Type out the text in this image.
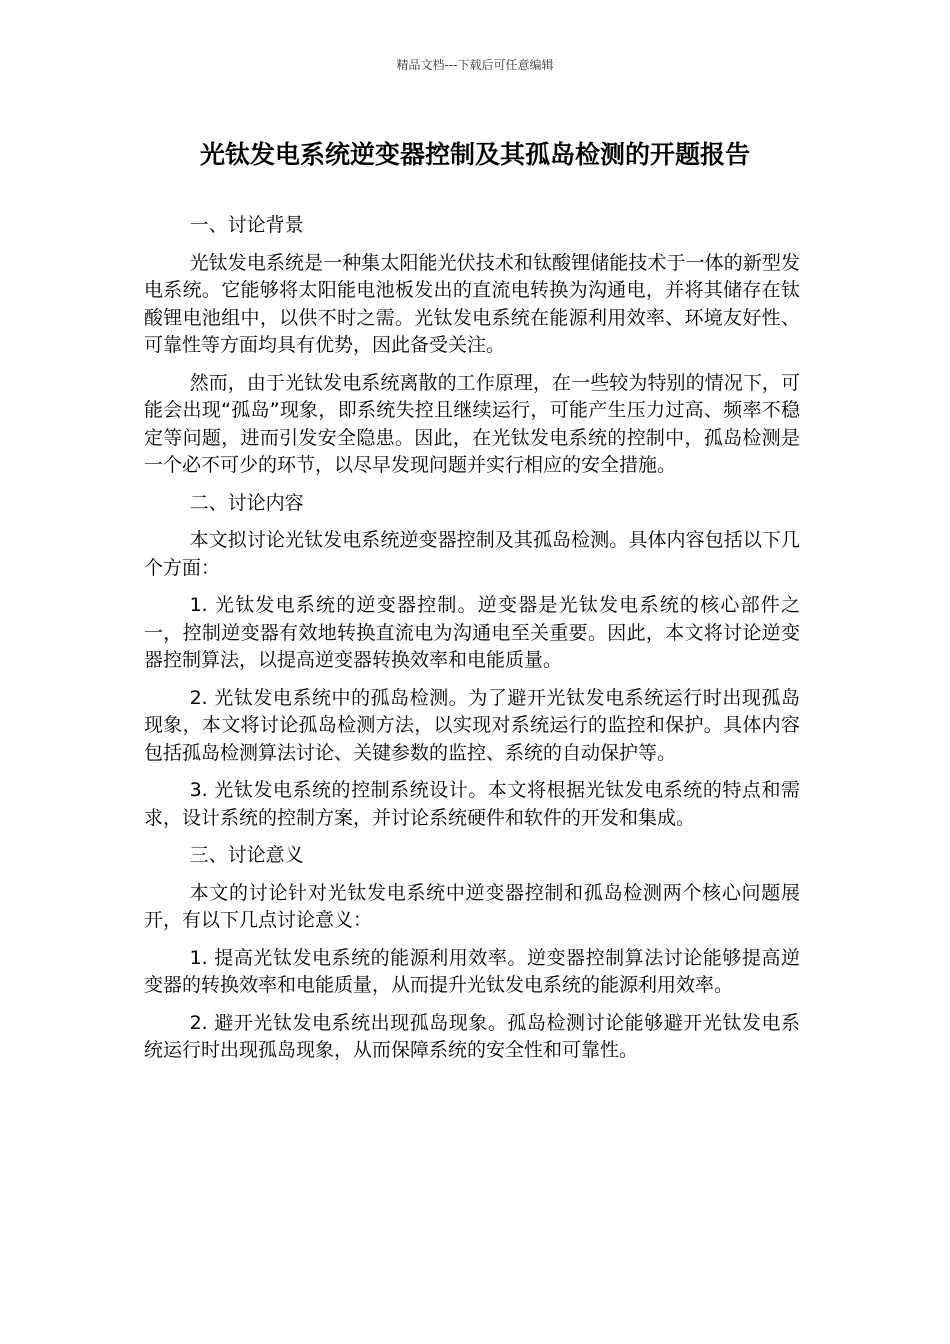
精品文档---下载后可任意编辑
光钛发电系统逆变器控制及其孤岛检测的开题报告

一、讨论背景

光钛发电系统是一种集太阳能光伏技术和钛酸锂储能技术于一体的新型发电系统。它能够将太阳能电池板发出的直流电转换为沟通电，并将其储存在钛酸锂电池组中，以供不时之需。光钛发电系统在能源利用效率、环境友好性、可靠性等方面均具有优势，因此备受关注。

然而，由于光钛发电系统离散的工作原理，在一些较为特别的情况下，可能会出现“孤岛”现象，即系统失控且继续运行，可能产生压力过高、频率不稳定等问题，进而引发安全隐患。因此，在光钛发电系统的控制中，孤岛检测是一个必不可少的环节，以尽早发现问题并实行相应的安全措施。

二、讨论内容

本文拟讨论光钛发电系统逆变器控制及其孤岛检测。具体内容包括以下几个方面：

1. 光钛发电系统的逆变器控制。逆变器是光钛发电系统的核心部件之一，控制逆变器有效地转换直流电为沟通电至关重要。因此，本文将讨论逆变器控制算法，以提高逆变器转换效率和电能质量。

2. 光钛发电系统中的孤岛检测。为了避开光钛发电系统运行时出现孤岛现象，本文将讨论孤岛检测方法，以实现对系统运行的监控和保护。具体内容包括孤岛检测算法讨论、关键参数的监控、系统的自动保护等。

3. 光钛发电系统的控制系统设计。本文将根据光钛发电系统的特点和需求，设计系统的控制方案，并讨论系统硬件和软件的开发和集成。

三、讨论意义

本文的讨论针对光钛发电系统中逆变器控制和孤岛检测两个核心问题展开，有以下几点讨论意义：

1. 提高光钛发电系统的能源利用效率。逆变器控制算法讨论能够提高逆变器的转换效率和电能质量，从而提升光钛发电系统的能源利用效率。

2. 避开光钛发电系统出现孤岛现象。孤岛检测讨论能够避开光钛发电系统运行时出现孤岛现象，从而保障系统的安全性和可靠性。
